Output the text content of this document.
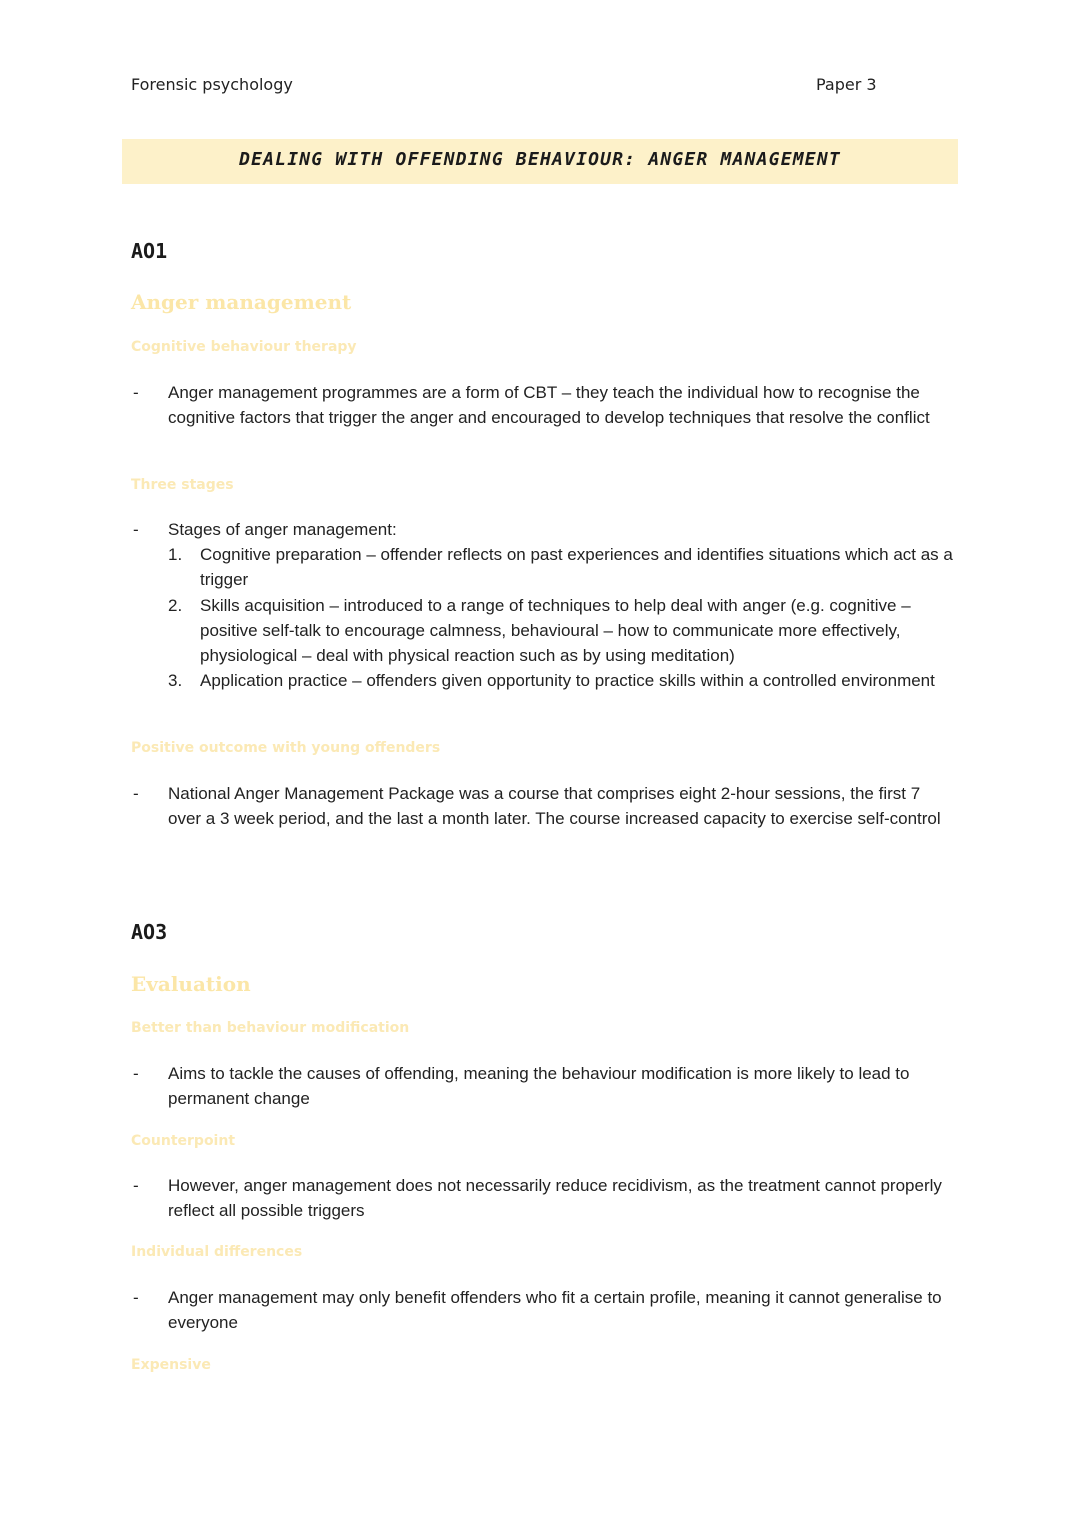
Forensic psychology	Paper 3
DEALING WITH OFFENDING BEHAVIOUR: ANGER MANAGEMENT
AO1
Anger management
Cognitive behaviour therapy
- Anger management programmes are a form of CBT – they teach the individual how to recognise the cognitive factors that trigger the anger and encouraged to develop techniques that resolve the conflict
Three stages
- Stages of anger management:
1. Cognitive preparation – offender reflects on past experiences and identifies situations which act as a trigger
2. Skills acquisition – introduced to a range of techniques to help deal with anger (e.g. cognitive – positive self-talk to encourage calmness, behavioural – how to communicate more effectively, physiological – deal with physical reaction such as by using meditation)
3. Application practice – offenders given opportunity to practice skills within a controlled environment
Positive outcome with young offenders
- National Anger Management Package was a course that comprises eight 2-hour sessions, the first 7 over a 3 week period, and the last a month later. The course increased capacity to exercise self-control
AO3
Evaluation
Better than behaviour modification
- Aims to tackle the causes of offending, meaning the behaviour modification is more likely to lead to permanent change
Counterpoint
- However, anger management does not necessarily reduce recidivism, as the treatment cannot properly reflect all possible triggers
Individual differences
- Anger management may only benefit offenders who fit a certain profile, meaning it cannot generalise to everyone
Expensive
